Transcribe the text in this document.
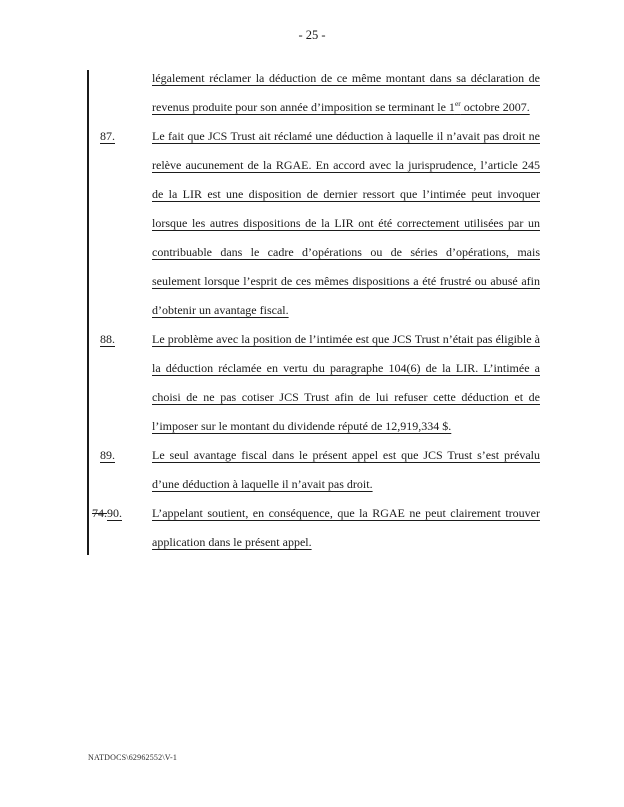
- 25 -
légalement réclamer la déduction de ce même montant dans sa déclaration de
revenus produite pour son année d’imposition se terminant le 1er octobre 2007.
87.	Le fait que JCS Trust ait réclamé une déduction à laquelle il n’avait pas droit ne
relève aucunement de la RGAE. En accord avec la jurisprudence, l’article 245
de la LIR est une disposition de dernier ressort que l’intimée peut invoquer
lorsque les autres dispositions de la LIR ont été correctement utilisées par un
contribuable dans le cadre d’opérations ou de séries d’opérations, mais
seulement lorsque l’esprit de ces mêmes dispositions a été frustré ou abusé afin
d’obtenir un avantage fiscal.
88.	Le problème avec la position de l’intimée est que JCS Trust n’était pas éligible à
la déduction réclamée en vertu du paragraphe 104(6) de la LIR. L’intimée a
choisi de ne pas cotiser JCS Trust afin de lui refuser cette déduction et de
l’imposer sur le montant du dividende réputé de 12,919,334 $.
89.	Le seul avantage fiscal dans le présent appel est que JCS Trust s’est prévalu
d’une déduction à laquelle il n’avait pas droit.
74.90.	L’appelant soutient, en conséquence, que la RGAE ne peut clairement trouver
application dans le présent appel.
NATDOCS\62962552\V-1
